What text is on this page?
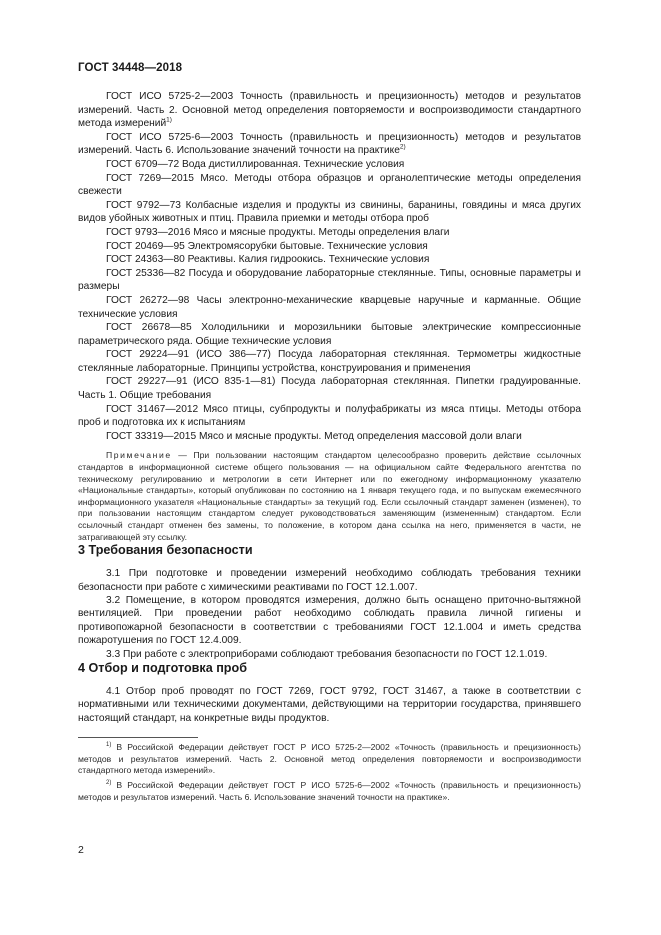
ГОСТ 34448—2018

ГОСТ ИСО 5725-2—2003 Точность (правильность и прецизионность) методов и результатов измерений. Часть 2. Основной метод определения повторяемости и воспроизводимости стандартного метода измерений$^{1)}$

ГОСТ ИСО 5725-6—2003 Точность (правильность и прецизионность) методов и результатов измерений. Часть 6. Использование значений точности на практике$^{2)}$

ГОСТ 6709—72 Вода дистиллированная. Технические условия

ГОСТ 7269—2015 Мясо. Методы отбора образцов и органолептические методы определения свежести

ГОСТ 9792—73 Колбасные изделия и продукты из свинины, баранины, говядины и мяса других видов убойных животных и птиц. Правила приемки и методы отбора проб

ГОСТ 9793—2016 Мясо и мясные продукты. Методы определения влаги

ГОСТ 20469—95 Электромясорубки бытовые. Технические условия

ГОСТ 24363—80 Реактивы. Калия гидроокись. Технические условия

ГОСТ 25336—82 Посуда и оборудование лабораторные стеклянные. Типы, основные параметры и размеры

ГОСТ 26272—98 Часы электронно-механические кварцевые наручные и карманные. Общие технические условия

ГОСТ 26678—85 Холодильники и морозильники бытовые электрические компрессионные параметрического ряда. Общие технические условия

ГОСТ 29224—91 (ИСО 386—77) Посуда лабораторная стеклянная. Термометры жидкостные стеклянные лабораторные. Принципы устройства, конструирования и применения

ГОСТ 29227—91 (ИСО 835-1—81) Посуда лабораторная стеклянная. Пипетки градуированные. Часть 1. Общие требования

ГОСТ 31467—2012 Мясо птицы, субпродукты и полуфабрикаты из мяса птицы. Методы отбора проб и подготовка их к испытаниям

ГОСТ 33319—2015 Мясо и мясные продукты. Метод определения массовой доли влаги

Примечание — При пользовании настоящим стандартом целесообразно проверить действие ссылочных стандартов в информационной системе общего пользования — на официальном сайте Федерального агентства по техническому регулированию и метрологии в сети Интернет или по ежегодному информационному указателю «Национальные стандарты», который опубликован по состоянию на 1 января текущего года, и по выпускам ежемесячного информационного указателя «Национальные стандарты» за текущий год. Если ссылочный стандарт заменен (изменен), то при пользовании настоящим стандартом следует руководствоваться заменяющим (измененным) стандартом. Если ссылочный стандарт отменен без замены, то положение, в котором дана ссылка на него, применяется в части, не затрагивающей эту ссылку.

3 Требования безопасности

3.1 При подготовке и проведении измерений необходимо соблюдать требования техники безопасности при работе с химическими реактивами по ГОСТ 12.1.007.

3.2 Помещение, в котором проводятся измерения, должно быть оснащено приточно-вытяжной вентиляцией. При проведении работ необходимо соблюдать правила личной гигиены и противопожарной безопасности в соответствии с требованиями ГОСТ 12.1.004 и иметь средства пожаротушения по ГОСТ 12.4.009.

3.3 При работе с электроприборами соблюдают требования безопасности по ГОСТ 12.1.019.

4 Отбор и подготовка проб

4.1 Отбор проб проводят по ГОСТ 7269, ГОСТ 9792, ГОСТ 31467, а также в соответствии с нормативными или техническими документами, действующими на территории государства, принявшего настоящий стандарт, на конкретные виды продуктов.

$^{1)}$ В Российской Федерации действует ГОСТ Р ИСО 5725-2—2002 «Точность (правильность и прецизионность) методов и результатов измерений. Часть 2. Основной метод определения повторяемости и воспроизводимости стандартного метода измерений».

$^{2)}$ В Российской Федерации действует ГОСТ Р ИСО 5725-6—2002 «Точность (правильность и прецизионность) методов и результатов измерений. Часть 6. Использование значений точности на практике».

2
